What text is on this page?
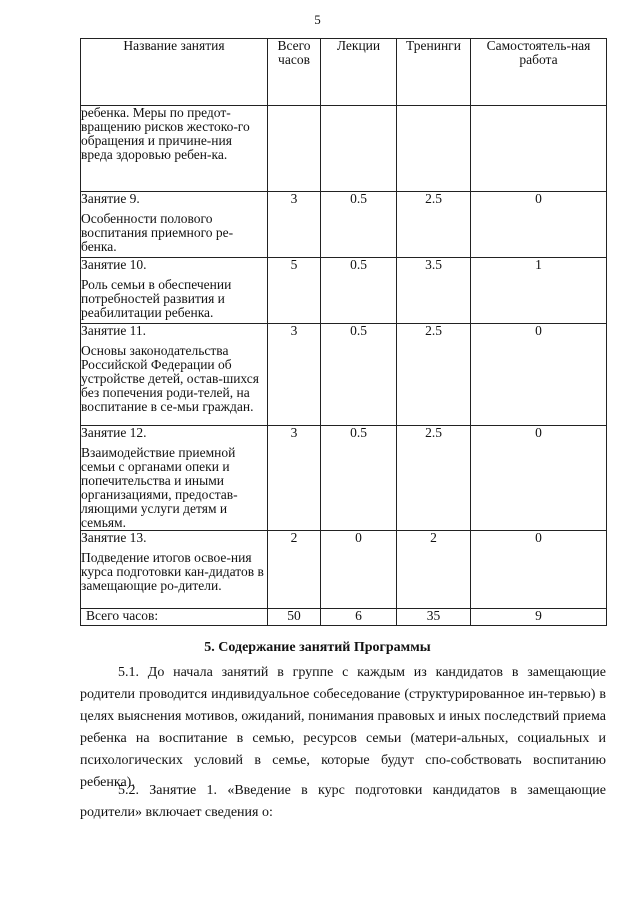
5
Название занятия	Всего часов	Лекции	Тренинги	Самостоятель-ная работа
ребенка. Меры по предот-вращению рисков жестоко-го обращения и причине-ния вреда здоровью ребен-ка.				

Занятие 9.
Особенности полового воспитания приемного ре-бенка.	3	0.5	2.5	0

Занятие 10.
Роль семьи в обеспечении потребностей развития и реабилитации ребенка.	5	0.5	3.5	1

Занятие 11.
Основы законодательства Российской Федерации об устройстве детей, остав-шихся без попечения роди-телей, на воспитание в се-мьи граждан.	3	0.5	2.5	0

Занятие 12.
Взаимодействие приемной семьи с органами опеки и попечительства и иными организациями, предостав-ляющими услуги детям и семьям.	3	0.5	2.5	0

Занятие 13.
Подведение итогов освое-ния курса подготовки кан-дидатов в замещающие ро-дители.	2	0	2	0
Всего часов:	50	6	35	9
5. Содержание занятий Программы

5.1. До начала занятий в группе с каждым из кандидатов в замещающие родители проводится индивидуальное собеседование (структурированное ин-тервью) в целях выяснения мотивов, ожиданий, понимания правовых и иных последствий приема ребенка на воспитание в семью, ресурсов семьи (матери-альных, социальных и психологических условий в семье, которые будут спо-собствовать воспитанию ребенка).

5.2. Занятие 1. «Введение в курс подготовки кандидатов в замещающие родители» включает сведения о:
